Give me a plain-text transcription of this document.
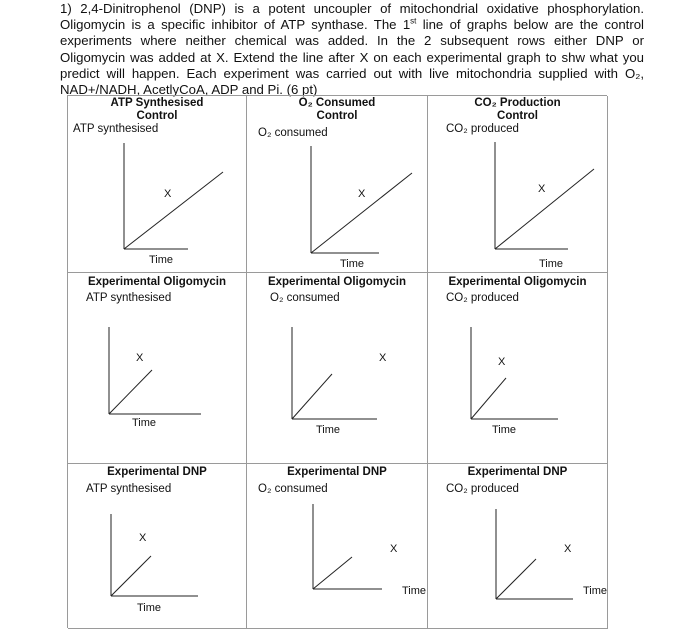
1) 2,4-Dinitrophenol (DNP) is a potent uncoupler of mitochondrial oxidative phosphorylation. Oligomycin is a specific inhibitor of ATP synthase. The 1st line of graphs below are the control experiments where neither chemical was added. In the 2 subsequent rows either DNP or Oligomycin was added at X. Extend the line after X on each experimental graph to shw what you predict will happen. Each experiment was carried out with live mitochondria supplied with O₂, NAD+/NADH, AcetlyCoA, ADP and Pi. (6 pt)

ATP Synthesised
Control
ATP synthesised
X
Time
O₂ Consumed
Control
O₂ consumed
X
Time
CO₂ Production
Control
CO₂ produced
X
Time
Experimental Oligomycin
ATP synthesised
X
Time
Experimental Oligomycin
O₂ consumed
X
Time
Experimental Oligomycin
CO₂ produced
X
Time
Experimental DNP
ATP synthesised
X
Time
Experimental DNP
O₂ consumed
X
Time
Experimental DNP
CO₂ produced
X
Time
